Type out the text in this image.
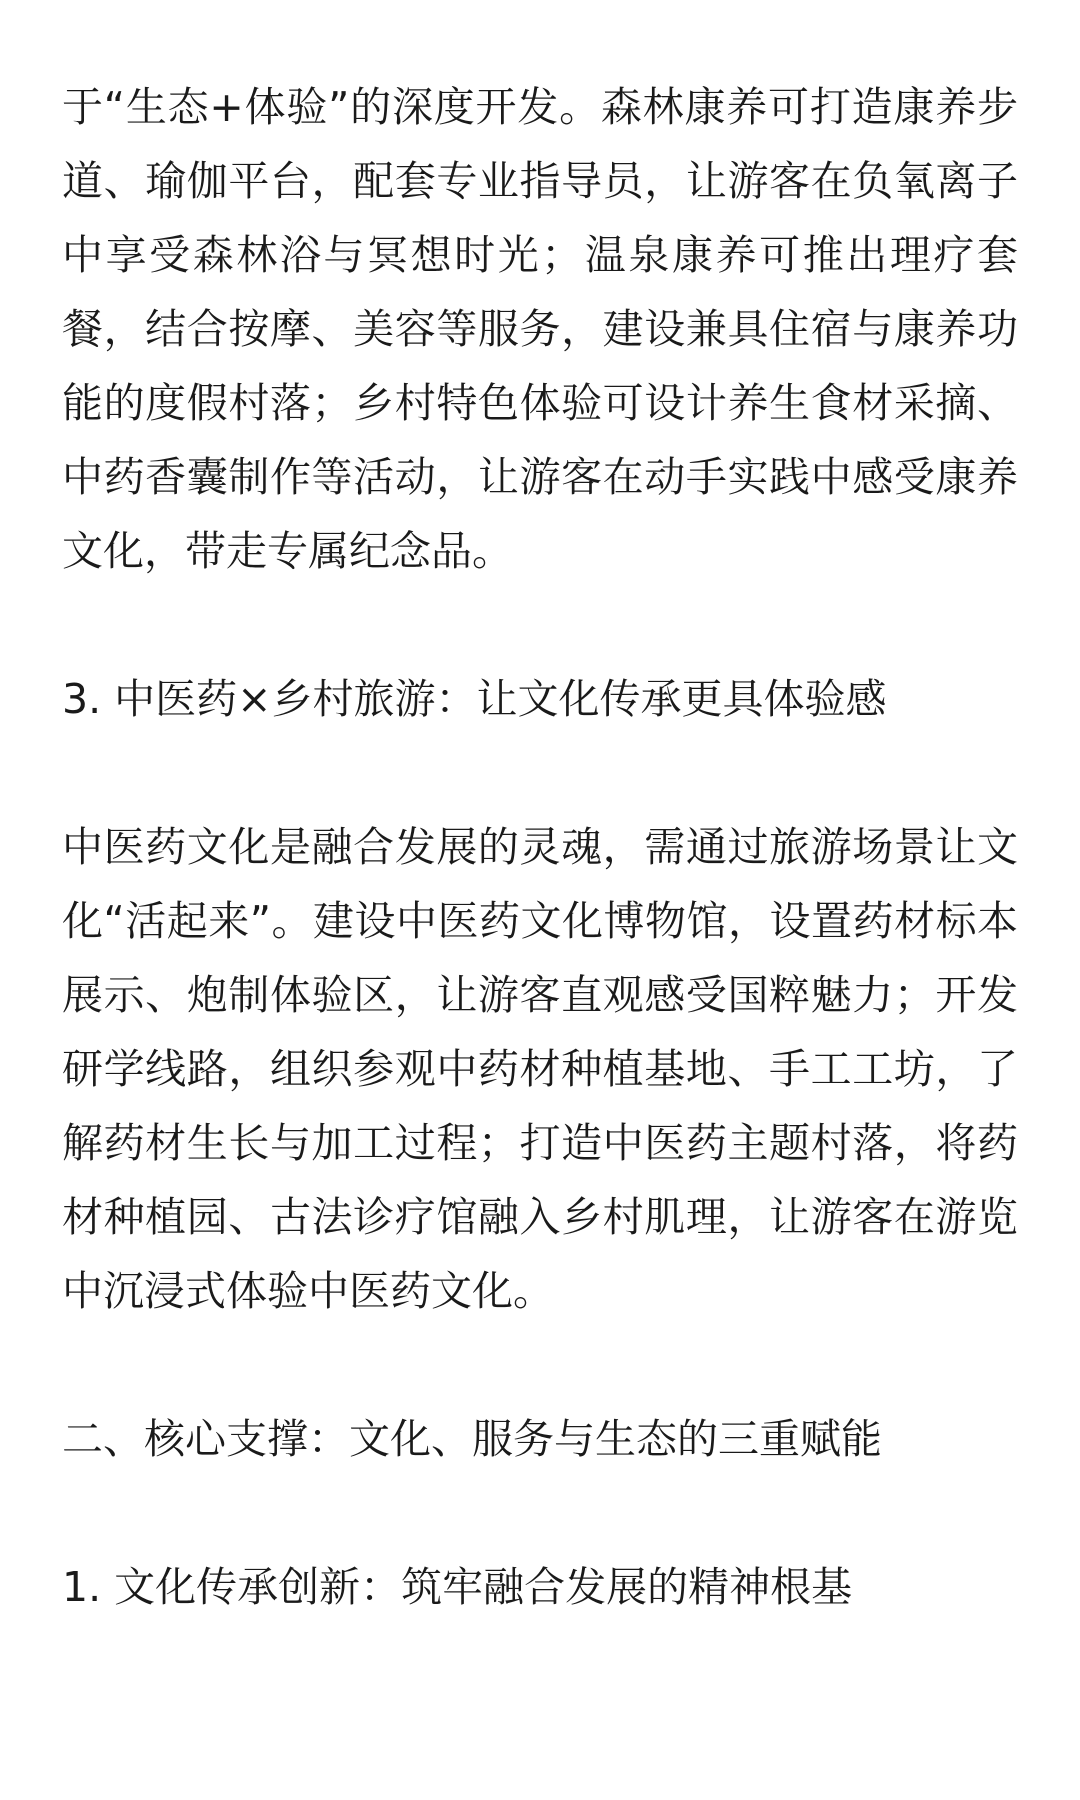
于“生态+体验”的深度开发。森林康养可打造康养步道、瑜伽平台，配套专业指导员，让游客在负氧离子中享受森林浴与冥想时光；温泉康养可推出理疗套餐，结合按摩、美容等服务，建设兼具住宿与康养功能的度假村落；乡村特色体验可设计养生食材采摘、中药香囊制作等活动，让游客在动手实践中感受康养文化，带走专属纪念品。

3. 中医药×乡村旅游：让文化传承更具体验感

中医药文化是融合发展的灵魂，需通过旅游场景让文化“活起来”。建设中医药文化博物馆，设置药材标本展示、炮制体验区，让游客直观感受国粹魅力；开发研学线路，组织参观中药材种植基地、手工工坊，了解药材生长与加工过程；打造中医药主题村落，将药材种植园、古法诊疗馆融入乡村肌理，让游客在游览中沉浸式体验中医药文化。

二、核心支撑：文化、服务与生态的三重赋能

1. 文化传承创新：筑牢融合发展的精神根基
